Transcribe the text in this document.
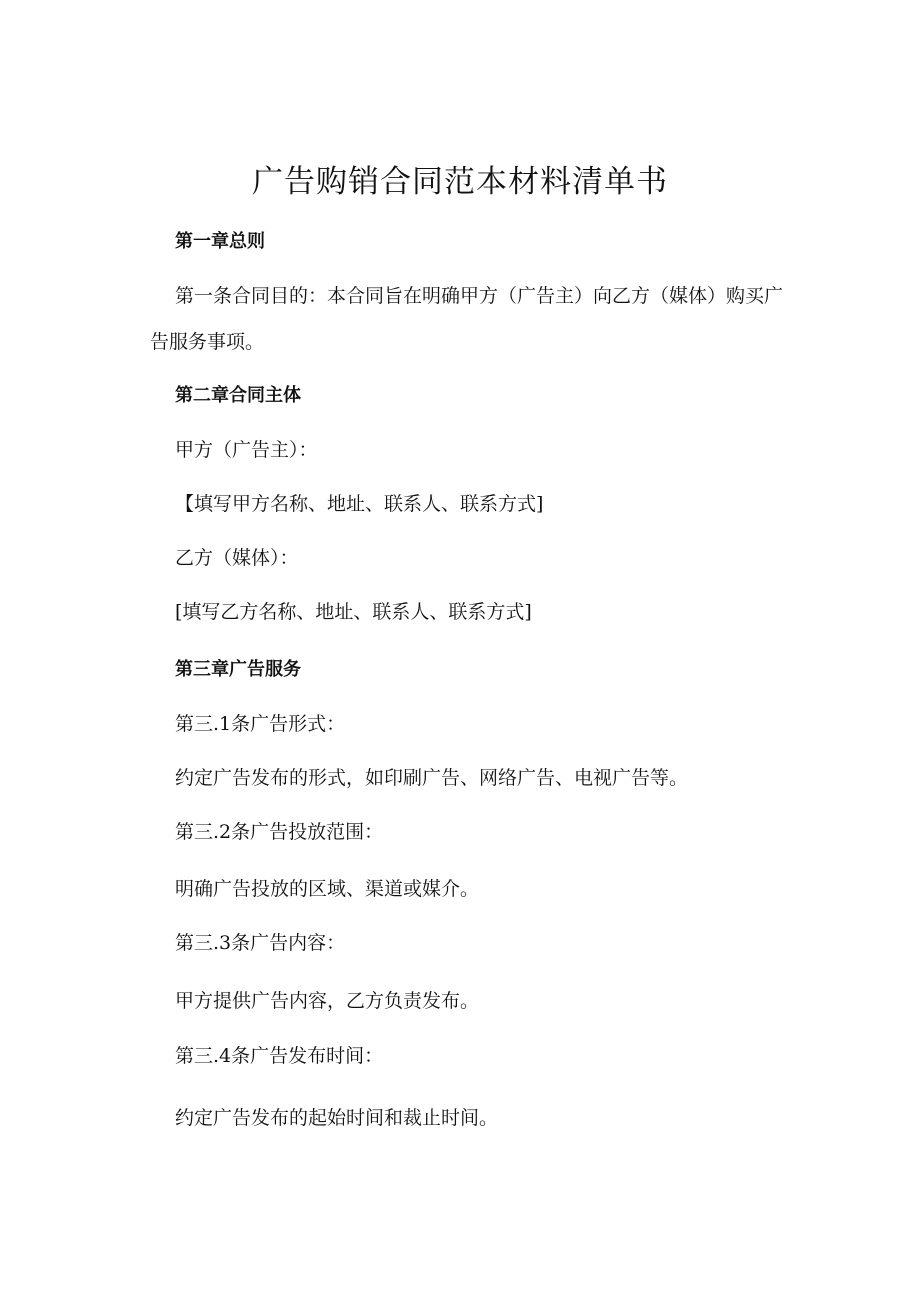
广告购销合同范本材料清单书
第一章总则
第一条合同目的：本合同旨在明确甲方（广告主）向乙方（媒体）购买广告服务事项。
第二章合同主体
甲方（广告主）：
【填写甲方名称、地址、联系人、联系方式]
乙方（媒体）：
[填写乙方名称、地址、联系人、联系方式]
第三章广告服务
第三.1条广告形式：
约定广告发布的形式，如印刷广告、网络广告、电视广告等。
第三.2条广告投放范围：
明确广告投放的区域、渠道或媒介。
第三.3条广告内容：
甲方提供广告内容，乙方负责发布。
第三.4条广告发布时间：
约定广告发布的起始时间和裁止时间。
